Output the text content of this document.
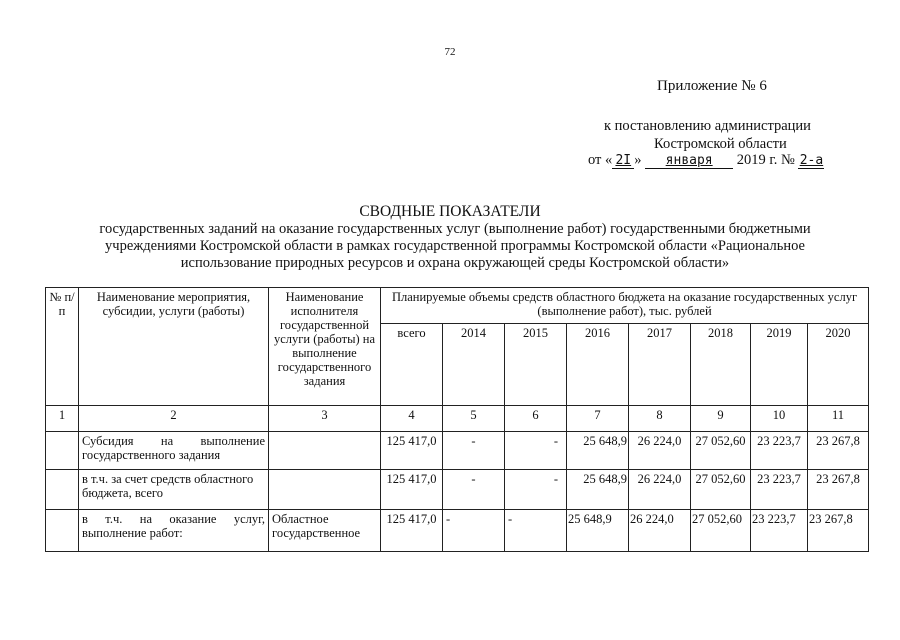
72
Приложение № 6
к постановлению администрации
Костромской области
от « 2I » января 2019 г. № 2-а
СВОДНЫЕ ПОКАЗАТЕЛИ
государственных заданий на оказание государственных услуг (выполнение работ) государственными бюджетными учреждениями Костромской области в рамках государственной программы Костромской области «Рациональное использование природных ресурсов и охрана окружающей среды Костромской области»
№ п/п	Наименование мероприятия, субсидии, услуги (работы)	Наименование исполнителя государственной услуги (работы) на выполнение государственного задания	Планируемые объемы средств областного бюджета на оказание государственных услуг (выполнение работ), тыс. рублей							
			всего	2014	2015	2016	2017	2018	2019	2020
1	2	3	4	5	6	7	8	9	10	11
	Субсидия на выполнение государственного задания		125 417,0	-	-	25 648,9	26 224,0	27 052,60	23 223,7	23 267,8
	в т.ч. за счет средств областного бюджета, всего		125 417,0	-	-	25 648,9	26 224,0	27 052,60	23 223,7	23 267,8
	в т.ч. на оказание услуг, выполнение работ:	Областное государственное	125 417,0	-	-	25 648,9	26 224,0	27 052,60	23 223,7	23 267,8
